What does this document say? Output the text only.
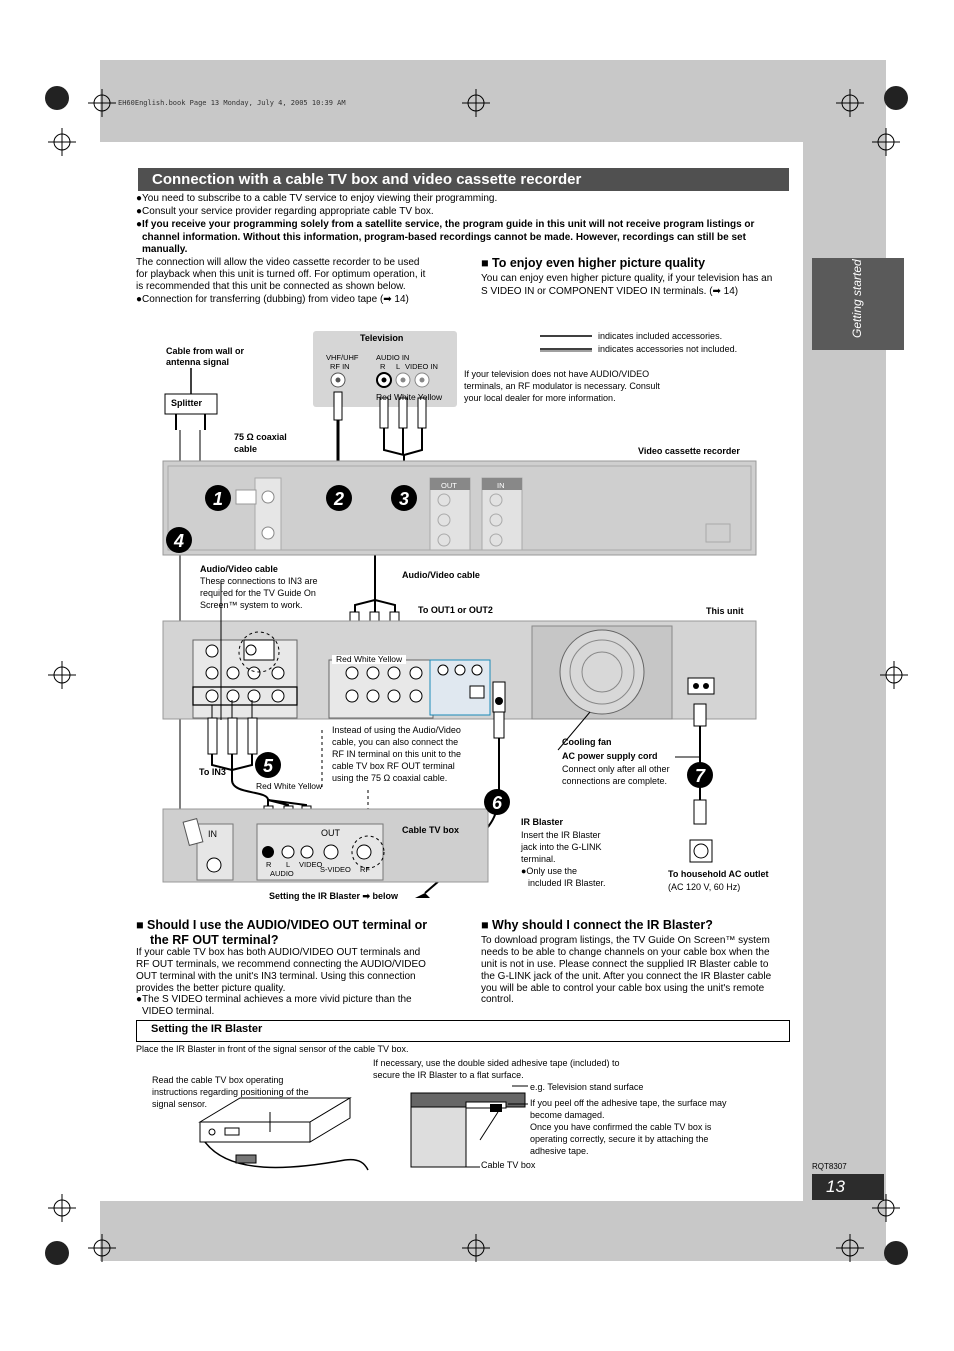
Getting started
RQT8307
13
EH60English.book Page 13 Monday, July 4, 2005 10:39 AM
Connection with a cable TV box and video cassette recorder
●You need to subscribe to a cable TV service to enjoy viewing their programming.
●Consult your service provider regarding appropriate cable TV box.
●If you receive your programming solely from a satellite service, the program guide in this unit will not receive program listings or
channel information. Without this information, program-based recordings cannot be made. However, recordings can still be set
manually.
The connection will allow the video cassette recorder to be used
for playback when this unit is turned off. For optimum operation, it
is recommended that this unit be connected as shown below.
●Connection for transferring (dubbing) from video tape (➡ 14)
■ To enjoy even higher picture quality
You can enjoy even higher picture quality, if your television has an
S VIDEO IN or COMPONENT VIDEO IN terminals. (➡ 14)
indicates included accessories.
indicates accessories not included.
1	2	3
4
5
6
7
Television
VHF/UHF
RF IN
AUDIO IN
R L VIDEO IN
Red White Yellow
If your television does not have AUDIO/VIDEO
terminals, an RF modulator is necessary. Consult
your local dealer for more information.
Cable from wall or
antenna signal
Splitter
75 Ω coaxial
cable	Video cassette recorder
OUT	IN
Audio/Video cable
These connections to IN3 are
required for the TV Guide On
Screen™ system to work.
Audio/Video cable
To OUT1 or OUT2	This unit
Red White Yellow
Instead of using the Audio/Video
cable, you can also connect the
RF IN terminal on this unit to the
cable TV box RF OUT terminal
using the 75 Ω coaxial cable.
To IN3
Red White Yellow
Cooling fan
AC power supply cord
Connect only after all other
connections are complete.
Cable TV box
IN	OUT
R L
AUDIO
VIDEO
S-VIDEO RF
IR Blaster
Insert the IR Blaster
jack into the G-LINK
terminal.
●Only use the
included IR Blaster.
To household AC outlet
(AC 120 V, 60 Hz)
Setting the IR Blaster ➡ below
■ Should I use the AUDIO/VIDEO OUT terminal or
the RF OUT terminal?
If your cable TV box has both AUDIO/VIDEO OUT terminals and
RF OUT terminals, we recommend connecting the AUDIO/VIDEO
OUT terminal with the unit's IN3 terminal. Using this connection
provides the better picture quality.
●The S VIDEO terminal achieves a more vivid picture than the
VIDEO terminal.
■ Why should I connect the IR Blaster?
To download program listings, the TV Guide On Screen™ system
needs to be able to change channels on your cable box when the
unit is not in use. Please connect the supplied IR Blaster cable to
the G-LINK jack of the unit. After you connect the IR Blaster cable
you will be able to control your cable box using the unit's remote
control.
Setting the IR Blaster
Place the IR Blaster in front of the signal sensor of the cable TV box.
Read the cable TV box operating
instructions regarding positioning of the
signal sensor.
If necessary, use the double sided adhesive tape (included) to
secure the IR Blaster to a flat surface.
e.g. Television stand surface
If you peel off the adhesive tape, the surface may
become damaged.
Once you have confirmed the cable TV box is
operating correctly, secure it by attaching the
adhesive tape.
Cable TV box
